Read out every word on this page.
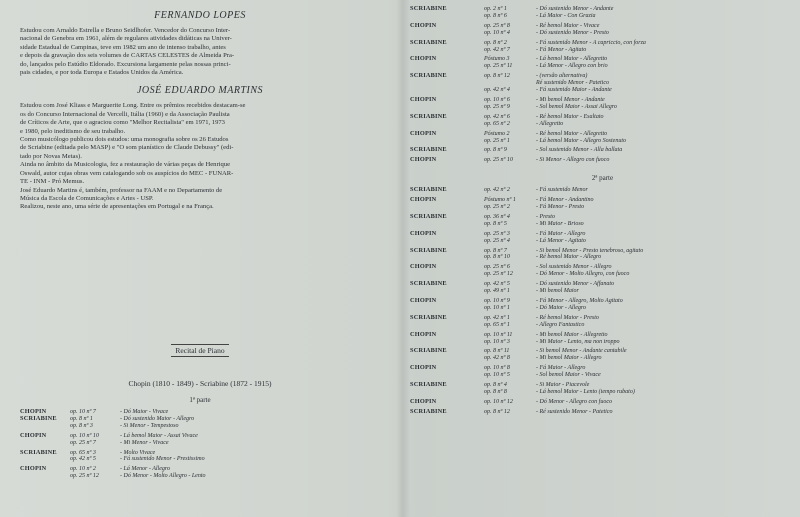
FERNANDO LOPES

Estudou com Arnaldo Estrella e Bruno Seidlhofer. Vencedor do Concurso Inter-

nacional de Genebra em 1961, além de regulares atividades didáticas na Univer-

sidade Estadual de Campinas, teve em 1982 um ano de intenso trabalho, antes

e depois da gravação dos seis volumes de CARTAS CELESTES de Almeida Pra-

do, lançados pelo Estúdio Eldorado. Excursiona largamente pelas nossas princi-

pais cidades, e por toda Europa e Estados Unidos da América.

JOSÉ EDUARDO MARTINS

Estudou com José Kliass e Marguerite Long. Entre os prêmios recebidos destacam-se

os do Concurso Internacional de Vercelli, Itália (1960) e da Associação Paulista

de Críticos de Arte, que o agraciou como "Melhor Recitalista" em 1971, 1973

e 1980, pelo ineditismo de seu trabalho.

Como musicólogo publicou dois estudos: uma monografia sobre os 26 Estudos

de Scriabine (editada pelo MASP) e "O som pianístico de Claude Debussy" (edi-

tado por Novas Metas).

Ainda no âmbito da Musicologia, fez a restauração de várias peças de Henrique

Oswald, autor cujas obras vem catalogando sob os auspícios do MEC - FUNAR-

TE - INM - Pró Memus.

José Eduardo Martins é, também, professor na FAAM e no Departamento de

Música da Escola de Comunicações e Artes - USP.

Realizou, neste ano, uma série de apresentações em Portugal e na França.

Recital de Piano
Chopin (1810 - 1849) - Scriabine (1872 - 1915)
1ª parte
CHOPIN	op. 10 nº 7	- Dó Maior - Vivace
SCRIABINE	op. 8 nº 1	- Dó sustenido Maior - Allegro
op. 8 nº 3	- Si Menor - Tempestoso
CHOPIN	op. 10 nº 10	- Lá bemol Maior - Assai Vivace
op. 25 nº 7	- Mi Menor - Vivace
SCRIABINE	op. 65 nº 3	- Molto Vivace
op. 42 nº 5	- Fá sustenido Menor - Prestissimo
CHOPIN	op. 10 nº 2	- Lá Menor - Allegro
op. 25 nº 12	- Dó Menor - Molto Allegro - Lento
SCRIABINE	op. 2 nº 1	- Dó sustenido Menor - Andante
op. 8 nº 6	- Lá Maior - Con Grazia
CHOPIN	op. 25 nº 8	- Ré bemol Maior - Vivace
op. 10 nº 4	- Dó sustenido Menor - Presto
SCRIABINE	op. 8 nº 2	- Fá sustenido Menor - A capriccio, con forza
op. 42 nº 7	- Fá Menor - Agitato
CHOPIN	Póstumo 3	- Lá bemol Maior - Allegretto
op. 25 nº 11	- Lá Menor - Allegro con brio
SCRIABINE	op. 8 nº 12	- (versão alternativa)
Ré sustenido Menor - Patetico
op. 42 nº 4	- Fá sustenido Maior - Andante
CHOPIN	op. 10 nº 6	- Mi bemol Menor - Andante
op. 25 nº 9	- Sol bemol Maior - Assai Allegro
SCRIABINE	op. 42 nº 6	- Ré bemol Maior - Esaltato
op. 65 nº 2	- Allegretto
CHOPIN	Póstumo 2	- Ré bemol Maior - Allegretto
op. 25 nº 1	- Lá bemol Maior - Allegro Sostenuto
SCRIABINE	op. 8 nº 9	- Sol sustenido Menor - Alla ballata
CHOPIN	op. 25 nº 10	- Si Menor - Allegro con fuoco
2ª parte
SCRIABINE	op. 42 nº 2	- Fá sustenido Menor
CHOPIN	Póstumo nº 1	- Fá Menor - Andantino
op. 25 nº 2	- Fá Menor - Presto
SCRIABINE	op. 36 nº 4	- Presto
op. 8 nº 5	- Mi Maior - Brioso
CHOPIN	op. 25 nº 3	- Fá Maior - Allegro
op. 25 nº 4	- Lá Menor - Agitato
SCRIABINE	op. 8 nº 7	- Si bemol Menor - Presto tenebroso, agitato
op. 8 nº 10	- Ré bemol Maior - Allegro
CHOPIN	op. 25 nº 6	- Sol sustenido Menor - Allegro
op. 25 nº 12	- Dó Menor - Molto Allegro, con fuoco
SCRIABINE	op. 42 nº 5	- Dó sustenido Menor - Affanato
op. 49 nº 1	- Mi bemol Maior
CHOPIN	op. 10 nº 9	- Fá Menor - Allegro, Molto Agitato
op. 10 nº 1	- Dó Maior - Allegro
SCRIABINE	op. 42 nº 1	- Ré bemol Maior - Presto
op. 65 nº 1	- Allegro Fantastico
CHOPIN	op. 10 nº 11	- Mi bemol Maior - Allegretto
op. 10 nº 3	- Mi Maior - Lento, ma non troppo
SCRIABINE	op. 8 nº 11	- Si bemol Menor - Andante cantabile
op. 42 nº 8	- Mi bemol Maior - Allegro
CHOPIN	op. 10 nº 8	- Fá Maior - Allegro
op. 10 nº 5	- Sol bemol Maior - Vivace
SCRIABINE	op. 8 nº 4	- Si Maior - Piacevole
op. 8 nº 8	- Lá bemol Maior - Lento (tempo rubato)
CHOPIN	op. 10 nº 12	- Dó Menor - Allegro con fuoco
SCRIABINE	op. 8 nº 12	- Ré sustenido Menor - Patetico
